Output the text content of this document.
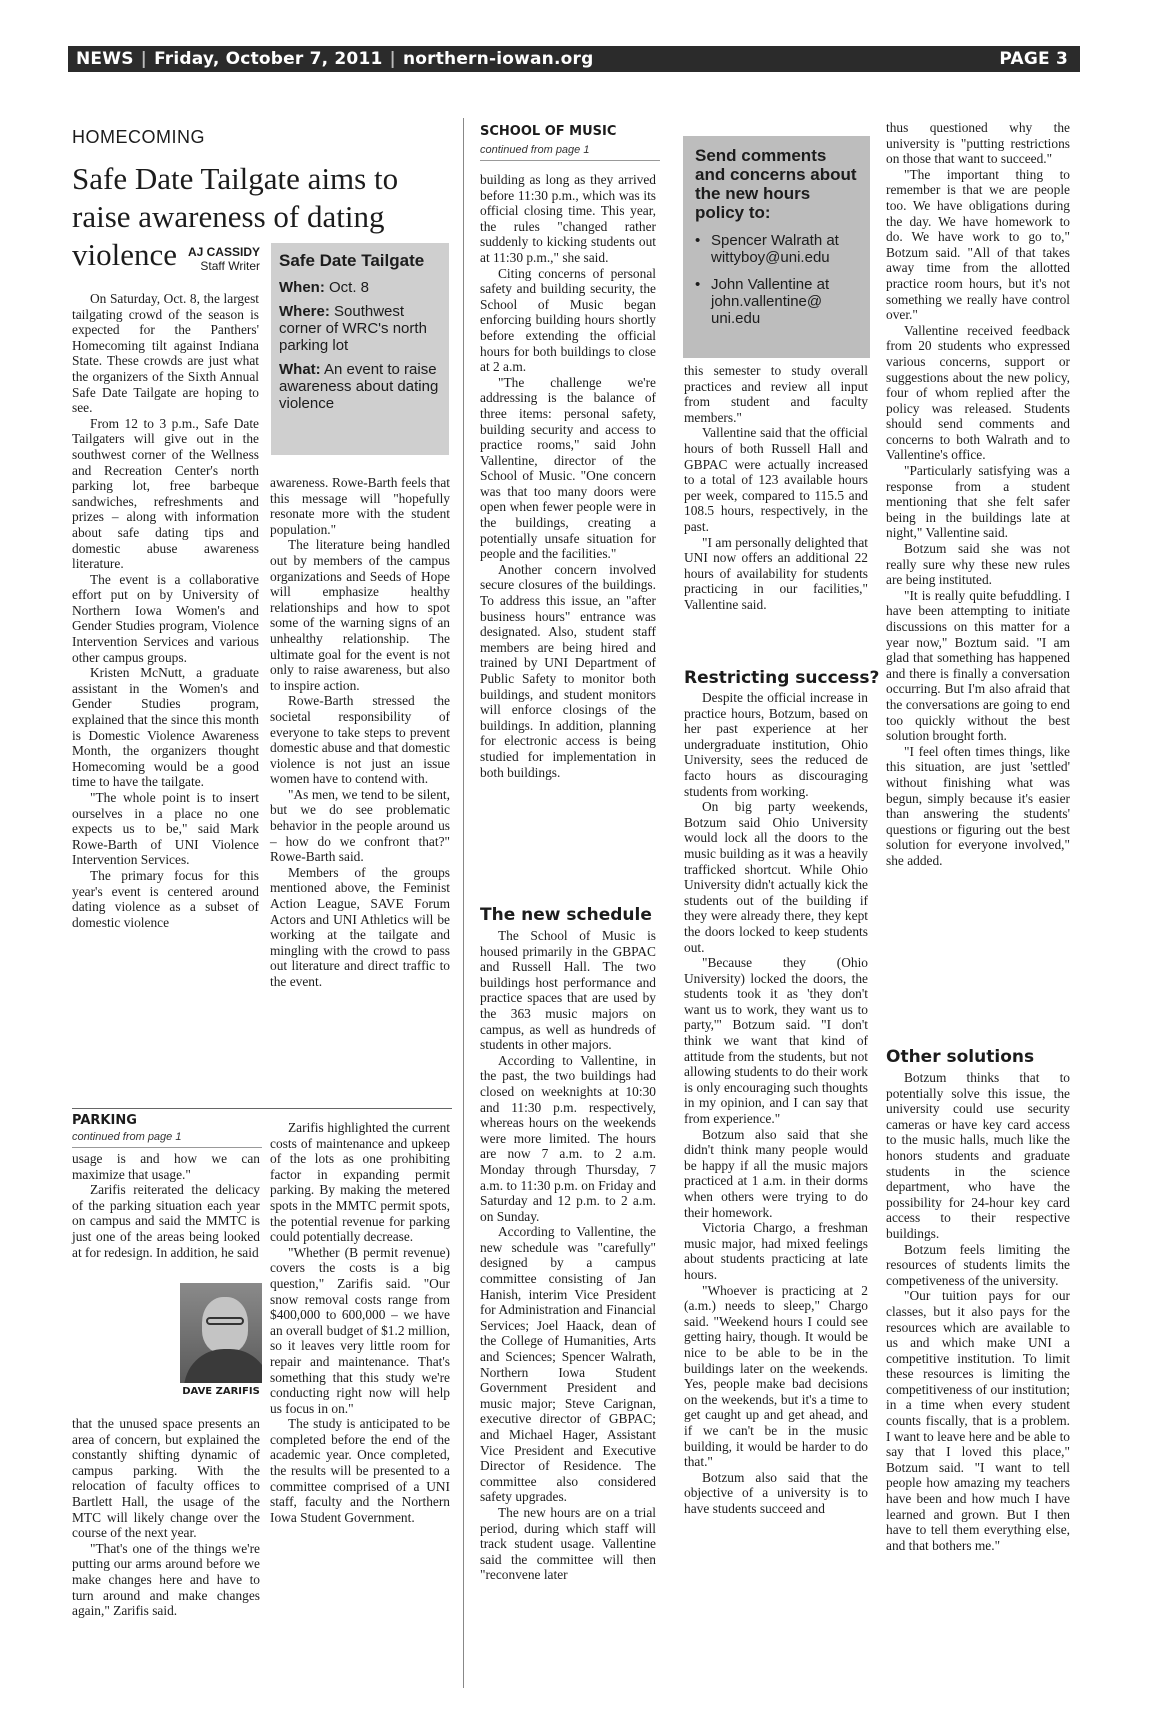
NEWS | Friday, October 7, 2011 | northern-iowan.org	PAGE 3
HOMECOMING
Safe Date Tailgate aims to raise awareness of dating violence AJ CASSIDY
Staff Writer Safe Date Tailgate
When: Oct. 8
Where: Southwest corner of WRC's north parking lot
What: An event to raise awareness about dating violence

On Saturday, Oct. 8, the largest tailgating crowd of the season is expected for the Panthers' Homecoming tilt against Indiana State. These crowds are just what the organizers of the Sixth Annual Safe Date Tailgate are hoping to see.

From 12 to 3 p.m., Safe Date Tailgaters will give out in the southwest corner of the Wellness and Recreation Center's north parking lot, free barbeque sandwiches, refreshments and prizes – along with information about safe dating tips and domestic abuse awareness literature.

The event is a collaborative effort put on by University of Northern Iowa Women's and Gender Studies program, Violence Intervention Services and various other campus groups.

Kristen McNutt, a graduate assistant in the Women's and Gender Studies program, explained that the since this month is Domestic Violence Awareness Month, the organizers thought Homecoming would be a good time to have the tailgate.

"The whole point is to insert ourselves in a place no one expects us to be," said Mark Rowe-Barth of UNI Violence Intervention Services.

The primary focus for this year's event is centered around dating violence as a subset of domestic violence

awareness. Rowe-Barth feels that this message will "hopefully resonate more with the student population."

The literature being handled out by members of the campus organizations and Seeds of Hope will emphasize healthy relationships and how to spot some of the warning signs of an unhealthy relationship. The ultimate goal for the event is not only to raise awareness, but also to inspire action.

Rowe-Barth stressed the societal responsibility of everyone to take steps to prevent domestic abuse and that domestic violence is not just an issue women have to contend with.

"As men, we tend to be silent, but we do see problematic behavior in the people around us – how do we confront that?" Rowe-Barth said.

Members of the groups mentioned above, the Feminist Action League, SAVE Forum Actors and UNI Athletics will be working at the tailgate and mingling with the crowd to pass out literature and direct traffic to the event.

PARKING
continued from page 1

usage is and how we can maximize that usage."

Zarifis reiterated the delicacy of the parking situation each year on campus and said the MMTC is just one of the areas being looked at for redesign. In addition, he said

DAVE ZARIFIS

that the unused space presents an area of concern, but explained the constantly shifting dynamic of campus parking. With the relocation of faculty offices to Bartlett Hall, the usage of the MTC will likely change over the course of the next year.

"That's one of the things we're putting our arms around before we make changes here and have to turn around and make changes again," Zarifis said.

Zarifis highlighted the current costs of maintenance and upkeep of the lots as one prohibiting factor in expanding permit parking. By making the metered spots in the MMTC permit spots, the potential revenue for parking could potentially decrease.

"Whether (B permit revenue) covers the costs is a big question," Zarifis said. "Our snow removal costs range from $400,000 to 600,000 – we have an overall budget of $1.2 million, so it leaves very little room for repair and maintenance. That's something that this study we're conducting right now will help us focus in on."

The study is anticipated to be completed before the end of the academic year. Once completed, the results will be presented to a committee comprised of a UNI staff, faculty and the Northern Iowa Student Government.

SCHOOL OF MUSIC
continued from page 1

building as long as they arrived before 11:30 p.m., which was its official closing time. This year, the rules "changed rather suddenly to kicking students out at 11:30 p.m.," she said.

Citing concerns of personal safety and building security, the School of Music began enforcing building hours shortly before extending the official hours for both buildings to close at 2 a.m.

"The challenge we're addressing is the balance of three items: personal safety, building security and access to practice rooms," said John Vallentine, director of the School of Music. "One concern was that too many doors were open when fewer people were in the buildings, creating a potentially unsafe situation for people and the facilities."

Another concern involved secure closures of the buildings. To address this issue, an "after business hours" entrance was designated. Also, student staff members are being hired and trained by UNI Department of Public Safety to monitor both buildings, and student monitors will enforce closings of the buildings. In addition, planning for electronic access is being studied for implementation in both buildings.

The new schedule

The School of Music is housed primarily in the GBPAC and Russell Hall. The two buildings host performance and practice spaces that are used by the 363 music majors on campus, as well as hundreds of students in other majors.

According to Vallentine, in the past, the two buildings had closed on weeknights at 10:30 and 11:30 p.m. respectively, whereas hours on the weekends were more limited. The hours are now 7 a.m. to 2 a.m. Monday through Thursday, 7 a.m. to 11:30 p.m. on Friday and Saturday and 12 p.m. to 2 a.m. on Sunday.

According to Vallentine, the new schedule was "carefully" designed by a campus committee consisting of Jan Hanish, interim Vice President for Administration and Financial Services; Joel Haack, dean of the College of Humanities, Arts and Sciences; Spencer Walrath, Northern Iowa Student Government President and music major; Steve Carignan, executive director of GBPAC; and Michael Hager, Assistant Vice President and Executive Director of Residence. The committee also considered safety upgrades.

The new hours are on a trial period, during which staff will track student usage. Vallentine said the committee will then "reconvene later

Send comments and concerns about the new hours policy to:
• Spencer Walrath at wittyboy@uni.edu
• John Vallentine at john.vallentine@ uni.edu

this semester to study overall practices and review all input from student and faculty members."

Vallentine said that the official hours of both Russell Hall and GBPAC were actually increased to a total of 123 available hours per week, compared to 115.5 and 108.5 hours, respectively, in the past.

"I am personally delighted that UNI now offers an additional 22 hours of availability for students practicing in our facilities," Vallentine said.

Restricting success?

Despite the official increase in practice hours, Botzum, based on her past experience at her undergraduate institution, Ohio University, sees the reduced de facto hours as discouraging students from working.

On big party weekends, Botzum said Ohio University would lock all the doors to the music building as it was a heavily trafficked shortcut. While Ohio University didn't actually kick the students out of the building if they were already there, they kept the doors locked to keep students out.

"Because they (Ohio University) locked the doors, the students took it as 'they don't want us to work, they want us to party,'" Botzum said. "I don't think we want that kind of attitude from the students, but not allowing students to do their work is only encouraging such thoughts in my opinion, and I can say that from experience."

Botzum also said that she didn't think many people would be happy if all the music majors practiced at 1 a.m. in their dorms when others were trying to do their homework.

Victoria Chargo, a freshman music major, had mixed feelings about students practicing at late hours.

"Whoever is practicing at 2 (a.m.) needs to sleep," Chargo said. "Weekend hours I could see getting hairy, though. It would be nice to be able to be in the buildings later on the weekends. Yes, people make bad decisions on the weekends, but it's a time to get caught up and get ahead, and if we can't be in the music building, it would be harder to do that."

Botzum also said that the objective of a university is to have students succeed and

thus questioned why the university is "putting restrictions on those that want to succeed."

"The important thing to remember is that we are people too. We have obligations during the day. We have homework to do. We have work to go to," Botzum said. "All of that takes away time from the allotted practice room hours, but it's not something we really have control over."

Vallentine received feedback from 20 students who expressed various concerns, support or suggestions about the new policy, four of whom replied after the policy was released. Students should send comments and concerns to both Walrath and to Vallentine's office.

"Particularly satisfying was a response from a student mentioning that she felt safer being in the buildings late at night," Vallentine said.

Botzum said she was not really sure why these new rules are being instituted.

"It is really quite befuddling. I have been attempting to initiate discussions on this matter for a year now," Boztum said. "I am glad that something has happened and there is finally a conversation occurring. But I'm also afraid that the conversations are going to end too quickly without the best solution brought forth.

"I feel often times things, like this situation, are just 'settled' without finishing what was begun, simply because it's easier than answering the students' questions or figuring out the best solution for everyone involved," she added.

Other solutions

Botzum thinks that to potentially solve this issue, the university could use security cameras or have key card access to the music halls, much like the honors students and graduate students in the science department, who have the possibility for 24-hour key card access to their respective buildings.

Botzum feels limiting the resources of students limits the competiveness of the university.

"Our tuition pays for our classes, but it also pays for the resources which are available to us and which make UNI a competitive institution. To limit these resources is limiting the competitiveness of our institution; in a time when every student counts fiscally, that is a problem. I want to leave here and be able to say that I loved this place," Botzum said. "I want to tell people how amazing my teachers have been and how much I have learned and grown. But I then have to tell them everything else, and that bothers me."
